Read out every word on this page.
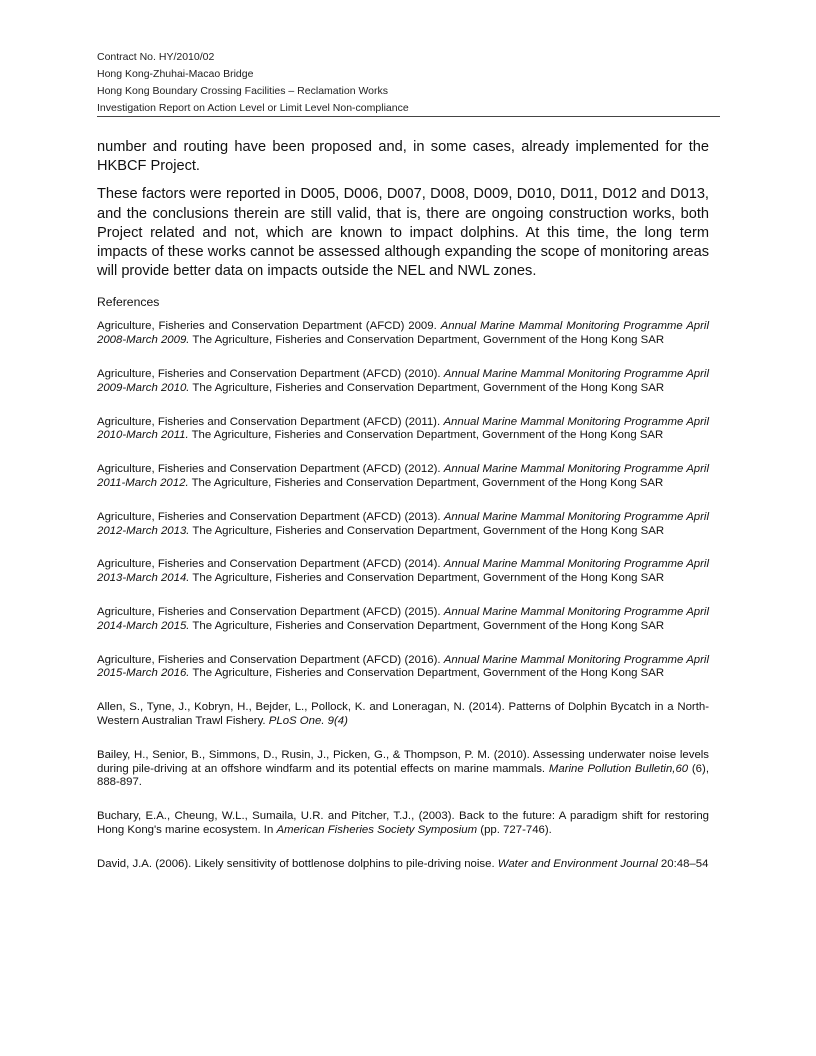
Contract No. HY/2010/02
Hong Kong-Zhuhai-Macao Bridge
Hong Kong Boundary Crossing Facilities – Reclamation Works
Investigation Report on Action Level or Limit Level Non-compliance

number and routing have been proposed and, in some cases, already implemented for the HKBCF Project.

These factors were reported in D005, D006, D007, D008, D009, D010, D011, D012 and D013, and the conclusions therein are still valid, that is, there are ongoing construction works, both Project related and not, which are known to impact dolphins. At this time, the long term impacts of these works cannot be assessed although expanding the scope of monitoring areas will provide better data on impacts outside the NEL and NWL zones.

References

Agriculture, Fisheries and Conservation Department (AFCD) 2009. Annual Marine Mammal Monitoring Programme April 2008-March 2009. The Agriculture, Fisheries and Conservation Department, Government of the Hong Kong SAR

Agriculture, Fisheries and Conservation Department (AFCD) (2010). Annual Marine Mammal Monitoring Programme April 2009-March 2010. The Agriculture, Fisheries and Conservation Department, Government of the Hong Kong SAR

Agriculture, Fisheries and Conservation Department (AFCD) (2011). Annual Marine Mammal Monitoring Programme April 2010-March 2011. The Agriculture, Fisheries and Conservation Department, Government of the Hong Kong SAR

Agriculture, Fisheries and Conservation Department (AFCD) (2012). Annual Marine Mammal Monitoring Programme April 2011-March 2012. The Agriculture, Fisheries and Conservation Department, Government of the Hong Kong SAR

Agriculture, Fisheries and Conservation Department (AFCD) (2013). Annual Marine Mammal Monitoring Programme April 2012-March 2013. The Agriculture, Fisheries and Conservation Department, Government of the Hong Kong SAR

Agriculture, Fisheries and Conservation Department (AFCD) (2014). Annual Marine Mammal Monitoring Programme April 2013-March 2014. The Agriculture, Fisheries and Conservation Department, Government of the Hong Kong SAR

Agriculture, Fisheries and Conservation Department (AFCD) (2015). Annual Marine Mammal Monitoring Programme April 2014-March 2015. The Agriculture, Fisheries and Conservation Department, Government of the Hong Kong SAR

Agriculture, Fisheries and Conservation Department (AFCD) (2016). Annual Marine Mammal Monitoring Programme April 2015-March 2016. The Agriculture, Fisheries and Conservation Department, Government of the Hong Kong SAR

Allen, S., Tyne, J., Kobryn, H., Bejder, L., Pollock, K. and Loneragan, N. (2014). Patterns of Dolphin Bycatch in a North-Western Australian Trawl Fishery. PLoS One. 9(4)

Bailey, H., Senior, B., Simmons, D., Rusin, J., Picken, G., & Thompson, P. M. (2010). Assessing underwater noise levels during pile-driving at an offshore windfarm and its potential effects on marine mammals. Marine Pollution Bulletin,60 (6), 888-897.

Buchary, E.A., Cheung, W.L., Sumaila, U.R. and Pitcher, T.J., (2003). Back to the future: A paradigm shift for restoring Hong Kong's marine ecosystem. In American Fisheries Society Symposium (pp. 727-746).

David, J.A. (2006). Likely sensitivity of bottlenose dolphins to pile-driving noise. Water and Environment Journal 20:48–54
